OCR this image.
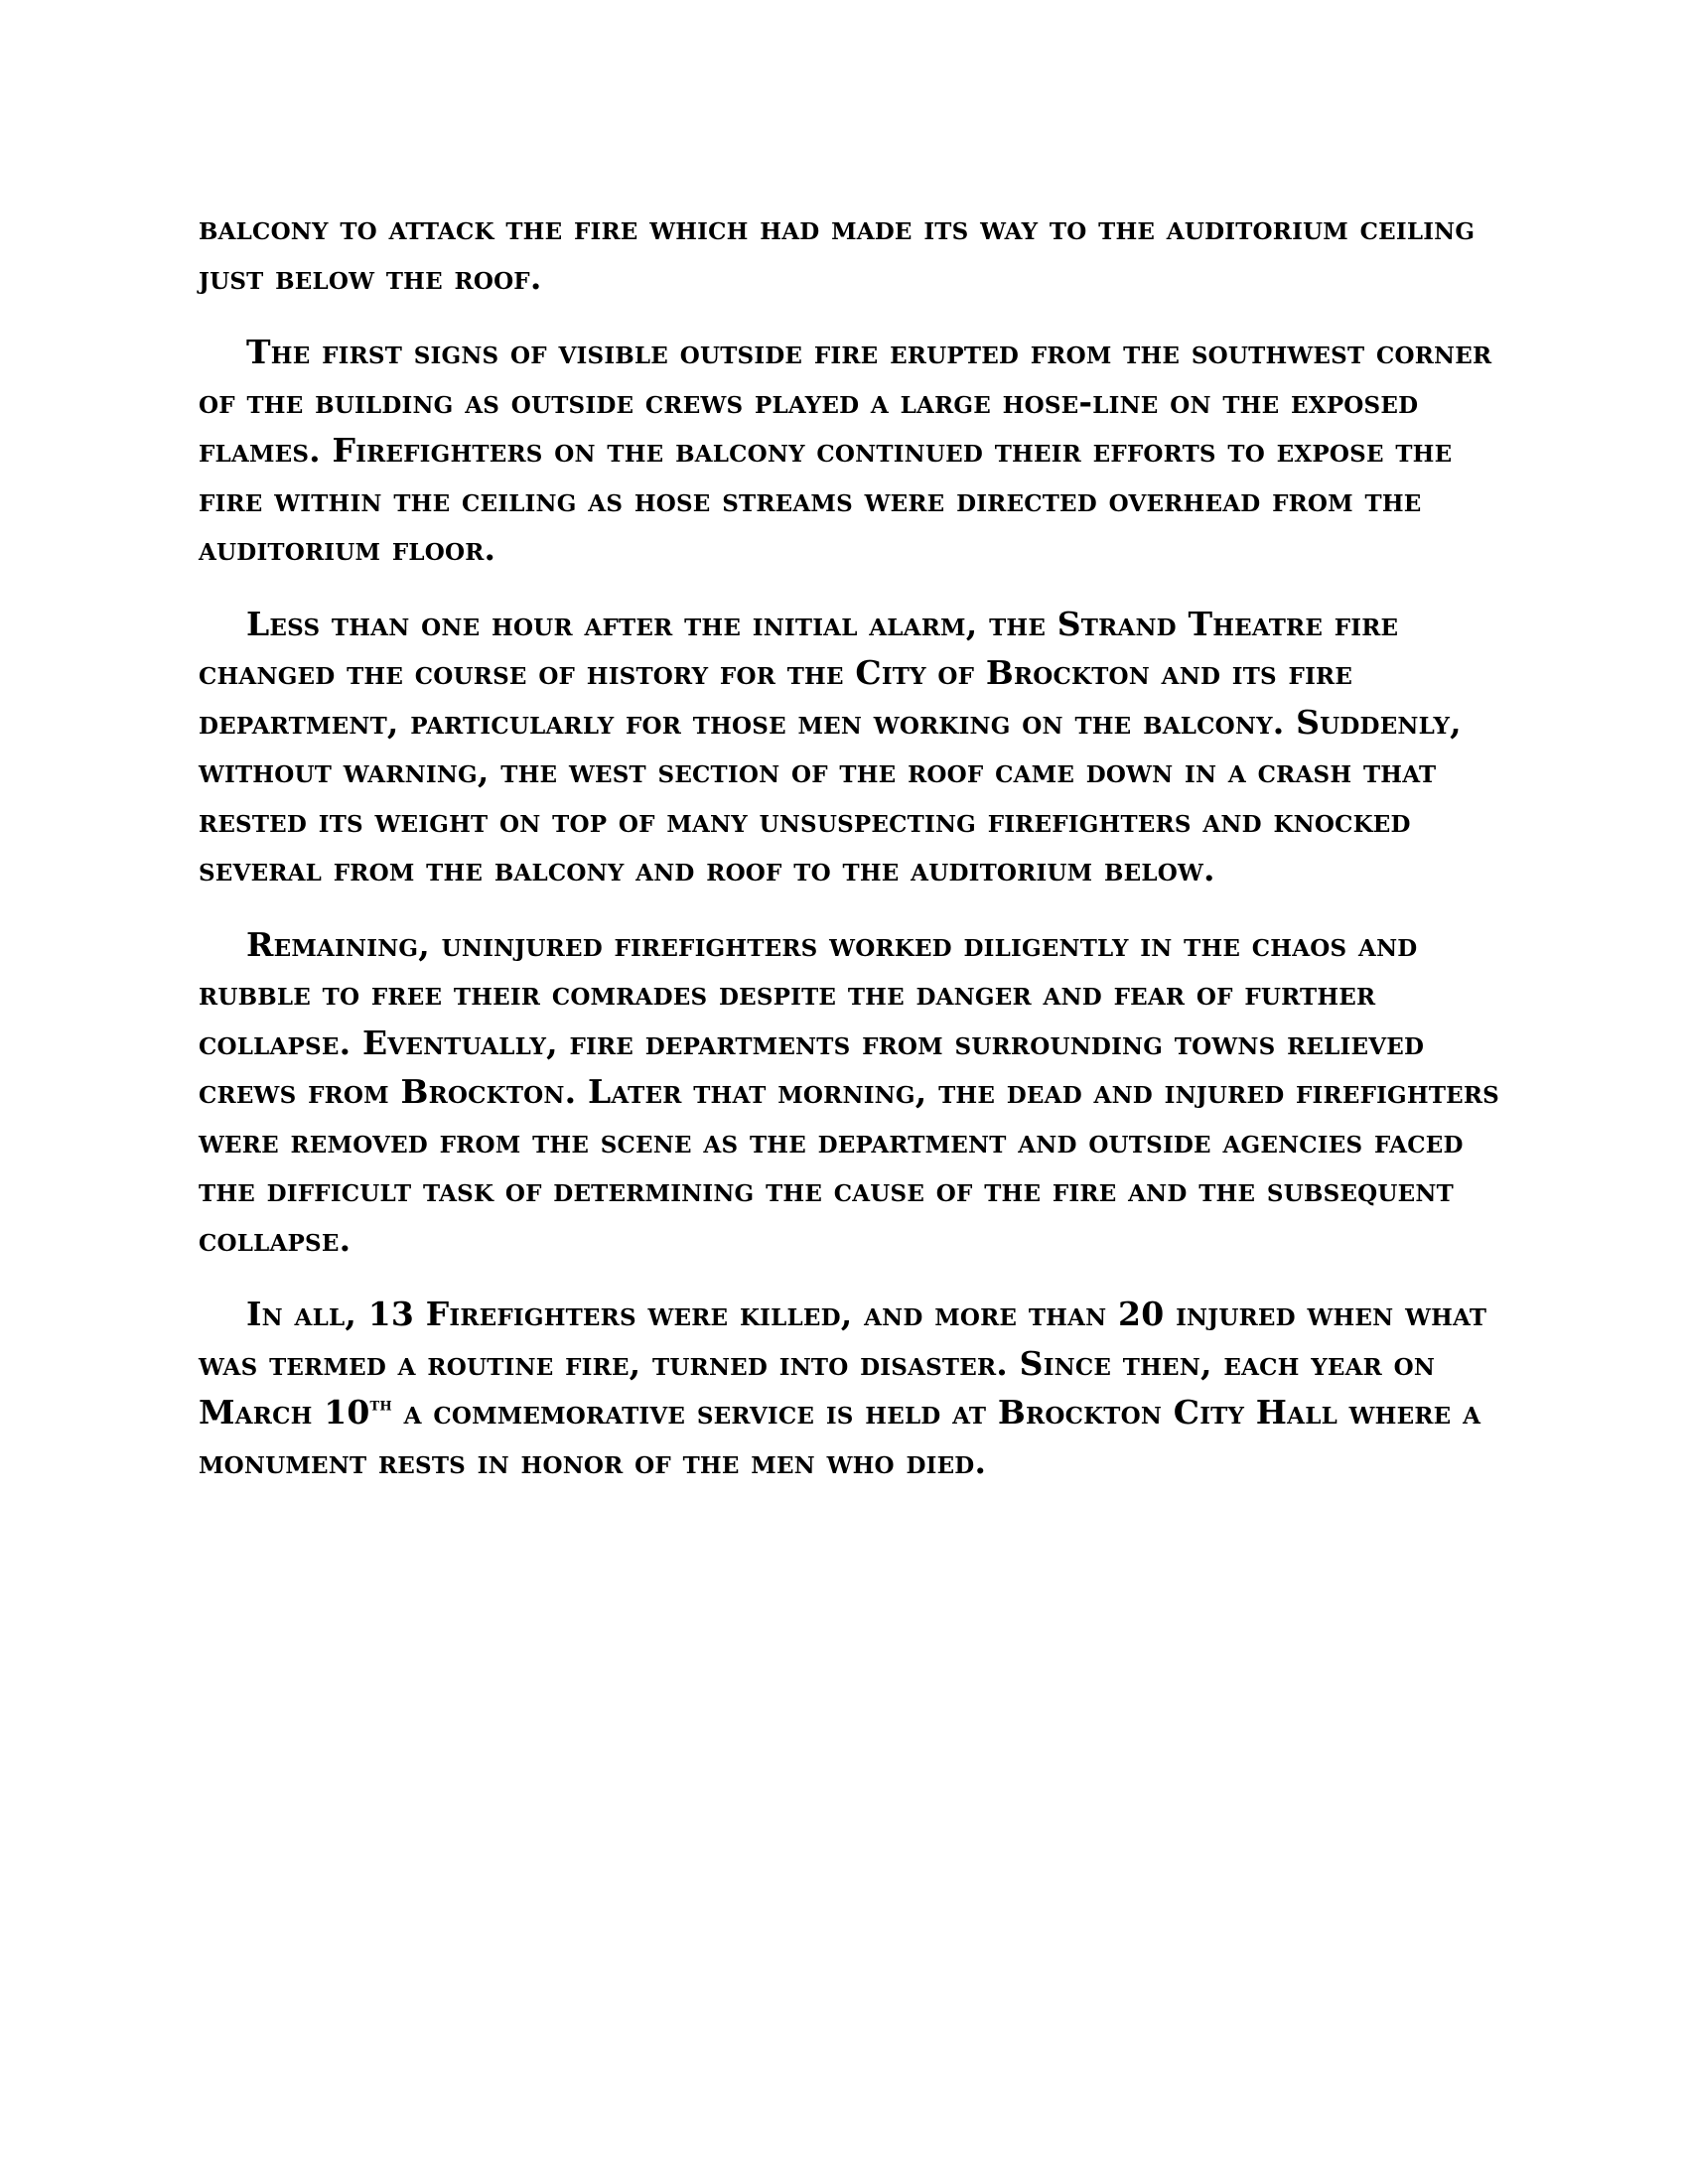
balcony to attack the fire which had made its way to the auditorium ceiling just below the roof.

The first signs of visible outside fire erupted from the southwest corner of the building as outside crews played a large hose-line on the exposed flames. Firefighters on the balcony continued their efforts to expose the fire within the ceiling as hose streams were directed overhead from the auditorium floor.

Less than one hour after the initial alarm, the Strand Theatre fire changed the course of history for the City of Brockton and its fire department, particularly for those men working on the balcony. Suddenly, without warning, the west section of the roof came down in a crash that rested its weight on top of many unsuspecting firefighters and knocked several from the balcony and roof to the auditorium below.

Remaining, uninjured firefighters worked diligently in the chaos and rubble to free their comrades despite the danger and fear of further collapse. Eventually, fire departments from surrounding towns relieved crews from Brockton. Later that morning, the dead and injured firefighters were removed from the scene as the department and outside agencies faced the difficult task of determining the cause of the fire and the subsequent collapse.

In all, 13 Firefighters were killed, and more than 20 injured when what was termed a routine fire, turned into disaster. Since then, each year on March 10th a commemorative service is held at Brockton City Hall where a monument rests in honor of the men who died.
